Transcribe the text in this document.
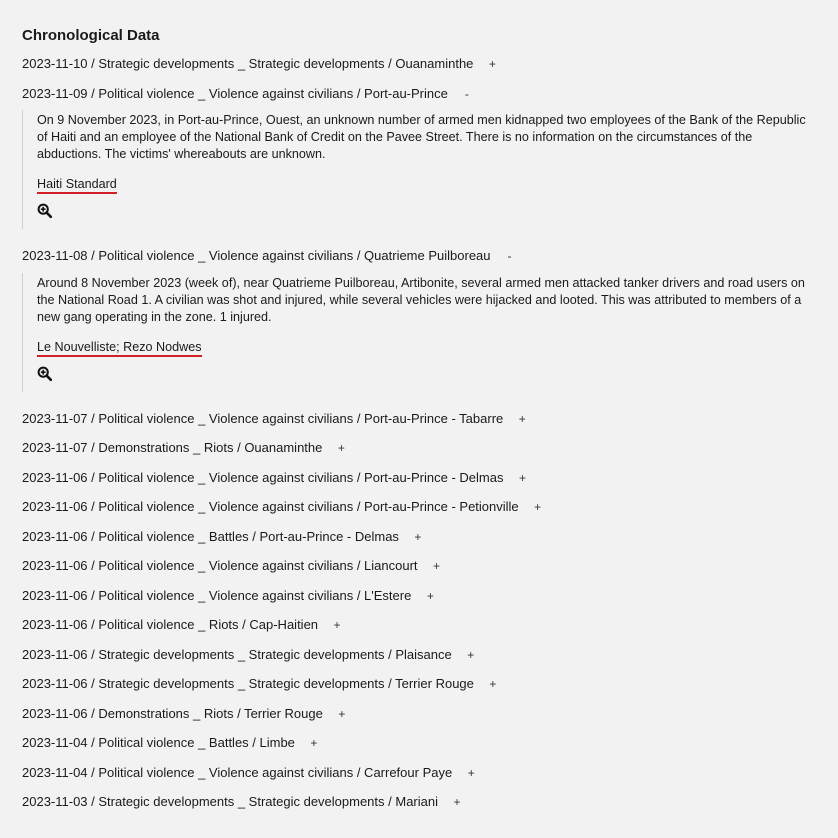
Chronological Data
2023-11-10 / Strategic developments _ Strategic developments / Ouanaminthe +
2023-11-09 / Political violence _ Violence against civilians / Port-au-Prince -

On 9 November 2023, in Port-au-Prince, Ouest, an unknown number of armed men kidnapped two employees of the Bank of the Republic of Haiti and an employee of the National Bank of Credit on the Pavee Street. There is no information on the circumstances of the abductions. The victims' whereabouts are unknown.

Haiti Standard
2023-11-08 / Political violence _ Violence against civilians / Quatrieme Puilboreau -

Around 8 November 2023 (week of), near Quatrieme Puilboreau, Artibonite, several armed men attacked tanker drivers and road users on the National Road 1. A civilian was shot and injured, while several vehicles were hijacked and looted. This was attributed to members of a new gang operating in the zone. 1 injured.

Le Nouvelliste; Rezo Nodwes
2023-11-07 / Political violence _ Violence against civilians / Port-au-Prince - Tabarre +
2023-11-07 / Demonstrations _ Riots / Ouanaminthe +
2023-11-06 / Political violence _ Violence against civilians / Port-au-Prince - Delmas +
2023-11-06 / Political violence _ Violence against civilians / Port-au-Prince - Petionville +
2023-11-06 / Political violence _ Battles / Port-au-Prince - Delmas +
2023-11-06 / Political violence _ Violence against civilians / Liancourt +
2023-11-06 / Political violence _ Violence against civilians / L'Estere +
2023-11-06 / Political violence _ Riots / Cap-Haitien +
2023-11-06 / Strategic developments _ Strategic developments / Plaisance +
2023-11-06 / Strategic developments _ Strategic developments / Terrier Rouge +
2023-11-06 / Demonstrations _ Riots / Terrier Rouge +
2023-11-04 / Political violence _ Battles / Limbe +
2023-11-04 / Political violence _ Violence against civilians / Carrefour Paye +
2023-11-03 / Strategic developments _ Strategic developments / Mariani +
